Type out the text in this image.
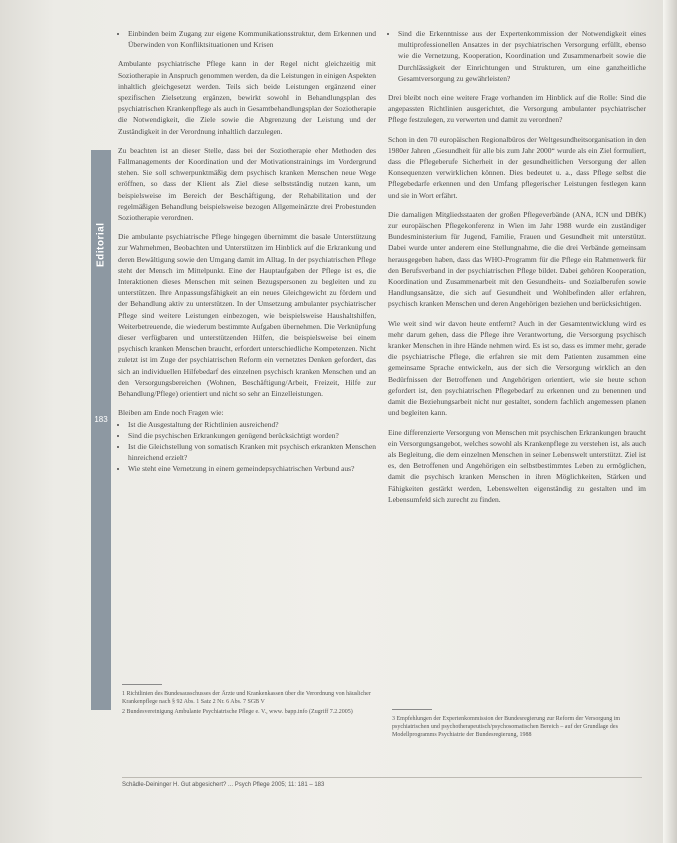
Editorial
183
• Einbinden beim Zugang zur eigene Kommunikationsstruktur, dem Erkennen und Überwinden von Konfliktsituationen und Krisen

Ambulante psychiatrische Pflege kann in der Regel nicht gleichzeitig mit Soziotherapie in Anspruch genommen werden, da die Leistungen in einigen Aspekten inhaltlich gleichgesetzt werden. Teils sich beide Leistungen ergänzend einer spezifischen Zielsetzung ergänzen, bewirkt sowohl in Behandlungsplan des psychiatrischen Krankenpflege als auch in Gesamtbehandlungsplan der Soziotherapie die Notwendigkeit, die Ziele sowie die Abgrenzung der Leistung und der Zuständigkeit in der Verordnung inhaltlich darzulegen.

Zu beachten ist an dieser Stelle, dass bei der Soziotherapie eher Methoden des Fallmanagements der Koordination und der Motivationstrainings im Vordergrund stehen. Sie soll schwerpunktmäßig dem psychisch kranken Menschen neue Wege eröffnen, so dass der Klient als Ziel diese selbstständig nutzen kann, um beispielsweise im Bereich der Beschäftigung, der Rehabilitation und der regelmäßigen Behandlung beispielsweise bezogen Allgemeinärzte drei Probestunden Soziotherapie verordnen.

Die ambulante psychiatrische Pflege hingegen übernimmt die basale Unterstützung zur Wahrnehmen, Beobachten und Unterstützen im Hinblick auf die Erkrankung und deren Bewältigung sowie den Umgang damit im Alltag. In der psychiatrischen Pflege steht der Mensch im Mittelpunkt. Eine der Hauptaufgaben der Pflege ist es, die Interaktionen dieses Menschen mit seinen Bezugspersonen zu begleiten und zu unterstützen. Ihre Anpassungsfähigkeit an ein neues Gleichgewicht zu fördern und der Behandlung aktiv zu unterstützen. In der Umsetzung ambulanter psychiatrischer Pflege sind weitere Leistungen einbezogen, wie beispielsweise Haushaltshilfen, Weiterbetreuende, die wiederum bestimmte Aufgaben übernehmen. Die Verknüpfung dieser verfügbaren und unterstützenden Hilfen, die beispielsweise bei einem psychisch kranken Menschen braucht, erfordert unterschiedliche Kompetenzen. Nicht zuletzt ist im Zuge der psychiatrischen Reform ein vernetztes Denken gefordert, das sich an individuellen Hilfebedarf des einzelnen psychisch kranken Menschen und an den Versorgungsbereichen (Wohnen, Beschäftigung/Arbeit, Freizeit, Hilfe zur Behandlung/Pflege) orientiert und nicht so sehr an Einzelleistungen.

Bleiben am Ende noch Fragen wie:

• Ist die Ausgestaltung der Richtlinien ausreichend?
• Sind die psychischen Erkrankungen genügend berücksichtigt worden?
• Ist die Gleichstellung von somatisch Kranken mit psychisch erkrankten Menschen hinreichend erzielt?
• Wie steht eine Vernetzung in einem gemeindepsychiatrischen Verbund aus?
• Sind die Erkenntnisse aus der Expertenkommission der Notwendigkeit eines multiprofessionellen Ansatzes in der psychiatrischen Versorgung erfüllt, ebenso wie die Vernetzung, Kooperation, Koordination und Zusammenarbeit sowie die Durchlässigkeit der Einrichtungen und Strukturen, um eine ganzheitliche Gesamtversorgung zu gewährleisten?

Drei bleibt noch eine weitere Frage vorhanden im Hinblick auf die Rolle: Sind die angepassten Richtlinien ausgerichtet, die Versorgung ambulanter psychiatrischer Pflege festzulegen, zu verwerten und damit zu verordnen?

Schon in den 70 europäischen Regionalbüros der Weltgesundheitsorganisation in den 1980er Jahren „Gesundheit für alle bis zum Jahr 2000“ wurde als ein Ziel formuliert, dass die Pflegeberufe Sicherheit in der gesundheitlichen Versorgung der allen Konsequenzen verwirklichen können. Dies bedeutet u. a., dass Pflege selbst die Pflegebedarfe erkennen und den Umfang pflegerischer Leistungen festlegen kann und sie in Wort erfährt.

Die damaligen Mitgliedsstaaten der großen Pflegeverbände (ANA, ICN und DBfK) zur europäischen Pflegekonferenz in Wien im Jahr 1988 wurde ein zuständiger Bundesministerium für Jugend, Familie, Frauen und Gesundheit mit unterstützt. Dabei wurde unter anderem eine Stellungnahme, die die drei Verbände gemeinsam herausgegeben haben, dass das WHO-Programm für die Pflege ein Rahmenwerk für den Berufsverband in der psychiatrischen Pflege bildet. Dabei gehören Kooperation, Koordination und Zusammenarbeit mit den Gesundheits- und Sozialberufen sowie Handlungsansätze, die sich auf Gesundheit und Wohlbefinden aller erfahren, psychisch kranken Menschen und deren Angehörigen beziehen und berücksichtigen.

Wie weit sind wir davon heute entfernt? Auch in der Gesamtentwicklung wird es mehr darum gehen, dass die Pflege ihre Verantwortung, die Versorgung psychisch kranker Menschen in ihre Hände nehmen wird. Es ist so, dass es immer mehr, gerade die psychiatrische Pflege, die erfahren sie mit dem Patienten zusammen eine gemeinsame Sprache entwickeln, aus der sich die Versorgung wirklich an den Bedürfnissen der Betroffenen und Angehörigen orientiert, wie sie heute schon gefordert ist, den psychiatrischen Pflegebedarf zu erkennen und zu benennen und damit die Beziehungsarbeit nicht nur gestaltet, sondern fachlich angemessen planen und begleiten kann.

Eine differenzierte Versorgung von Menschen mit psychischen Erkrankungen braucht ein Versorgungsangebot, welches sowohl als Krankenpflege zu verstehen ist, als auch als Begleitung, die dem einzelnen Menschen in seiner Lebenswelt unterstützt. Ziel ist es, den Betroffenen und Angehörigen ein selbstbestimmtes Leben zu ermöglichen, damit die psychisch kranken Menschen in ihren Möglichkeiten, Stärken und Fähigkeiten gestärkt werden, Lebenswelten eigenständig zu gestalten und im Lebensumfeld sich zurecht zu finden.

1 Richtlinien des Bundesausschusses der Ärzte und Krankenkassen über die Verordnung von häuslicher Krankenpflege nach § 92 Abs. 1 Satz 2 Nr. 6 Abs. 7 SGB V

2 Bundesvereinigung Ambulante Psychiatrische Pflege e. V., www. bapp.info (Zugriff 7.2.2005)

3 Empfehlungen der Expertenkommission der Bundesregierung zur Reform der Versorgung im psychiatrischen und psychotherapeutisch/psychosomatischen Bereich – auf der Grundlage des Modellprogramms Psychiatrie der Bundesregierung, 1988

Schädle-Deininger H. Gut abgesichert? ... Psych Pflege 2005; 11: 181 – 183
